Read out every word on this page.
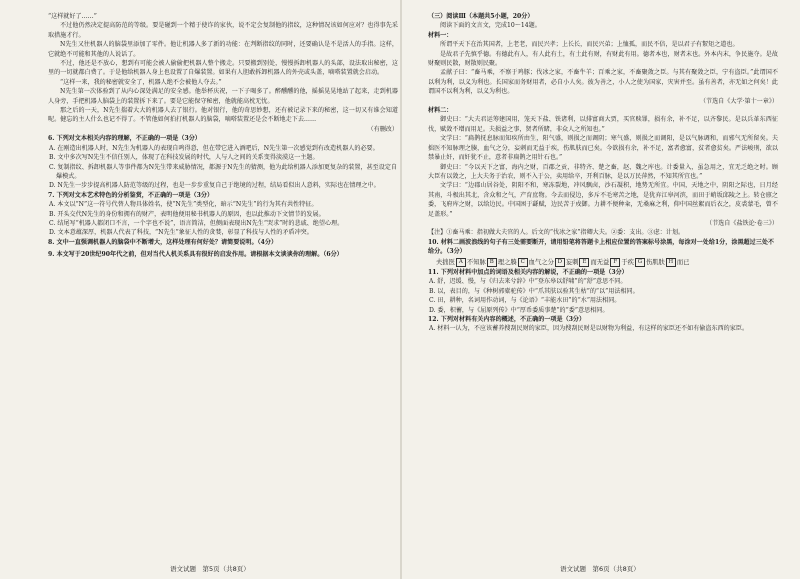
“这样就好了……”

不过他仍然决定提高防范的等级。要是碰到一个精于使诈的家伙，说不定会复制他的指纹，这种情况该如何应对？也得事先采取措施才行。

N先生又往机器人的脑袋里添加了零件。他让机器人多了新的功能：在判断指纹的同时，还要确认是不是活人的手指。这样，它就绝不可能和其他的人说话了。

不过，他还是不放心，想到有可能会被人偷偷把机器人整个搬走。只要搬到别处，慢慢拆卸机器人的头部，设法取出秘密，这里的一切就都白费了。于是他给机器人身上也设置了自爆装置。如果有人胆敢拆卸机器人的外壳或头盖，嘀嗒装置就会启动。

“这样一来，我的秘密就安全了，机器人绝不会被他人夺去。”

N先生第一次体验到了从内心深处满足的安全感。他举杯庆祝，一下子喝多了。醉醺醺的他，摇摇晃晃地站了起来，走到机器人身旁，手把机器人脑袋上的装置拆下来了。要是它能保守秘密，他就能高枕无忧。

那之后的一天，N先生揣着大大的机器人去了银行。他对银行，他的奇思妙想，还有被记录下来的秘密，这一切又有谁会知道呢。健忘的主人什么也记不得了。不管他如何拍打机器人的脑袋，嘀嗒装置还是会不断地走下去……

（有删改）

6. 下列对文本相关内容的理解，不正确的一项是（3分）

A. 在刚造出机器人时，N先生为机器人的表现自鸣得意，但在带它进入酒吧后，N先生第一次感觉到有改造机器人的必要。

B. 文中多次写N先生不信任别人，体现了在科技发展的时代，人与人之间的关系变得淡漠这一主题。

C. 复制指纹、拆卸机器人等事件都为N先生带来威胁情况，都源于N先生的猜测，他为此给机器人添加更复杂的装置，甚至设定自爆模式。

D. N先生一步步提高机器人防范等级的过程，也是一步步重复自己于绝境的过程，结局看似出人意料，实际也在情理之中。

7. 下列对文本艺术特色的分析鉴赏，不正确的一项是（3分）

A. 本文以“N”这一符号代替人物具体姓名，使“N先生”类型化，暗示“N先生”的行为其有共性特征。

B. 开头交代N先生的身份和拥有的财产，表明他便用秘书机器人的原因，也以此推动下文情节的发展。

C. 结尾写“机器人都闭口不言，一个字也不说”，语言简洁，但侧面表现出N先生“哭求”时的悲戚、绝望心理。

D. 文本意蕴深厚，机器人代表了科技，“N先生”象征人性的贪婪，彰显了科技与人性的矛盾冲突。

8. 文中一直强调机器人的脑袋中不断增大，这样处理有何好处？请简要说明。（4分）

9. 本文写于20世纪90年代之前，但对当代人机关系具有很好的启发作用。请根据本文谈谈你的理解。（6分）

（三）阅读Ⅲ（本题共5小题，20分）

阅读下面的文言文，完成10～14题。

材料一：

所谓平天下在治其国者，上老老，而民兴孝；上长长，而民兴弟；上恤孤，而民不倍，是以君子有絜矩之道也。

是故君子先慎乎德。有德此有人，有人此有土，有土此有财，有财此有用。德者本也，财者末也。外本内末，争民施夺。是故财聚则民散，财散则民聚。

孟献子曰：“畜马乘，不察于鸡豚；伐冰之家，不畜牛羊；百乘之家，不畜聚敛之臣。与其有聚敛之臣，宁有盗臣。”此谓国不以利为利，以义为利也。长国家而务财用者，必自小人矣。彼为善之，小人之使为国家，灾害并至。虽有善者，亦无如之何矣！此谓国不以利为利，以义为利也。

（节选自《大学·第十一章》）

材料二：

御史曰：“大夫君运筹建国用，笼天下盐、铁诸利，以排富商大贾，买官赎罪，损有余，补不足，以齐黎民。是以兵革东西征伐，赋敛不增而用足。夫损益之事，贤者所睹，非众人之所知也。”

文学曰：“扁鹊抚息脉而知疾所由生，阳气盛，则损之而调阴；寒气盛，则损之而调阳，是以气脉调和，而邪气无所留矣。夫拙医不知脉理之腠，血气之分，妄刺而无益于疾，伤肌肤而已矣。今欲损有余，补不足，富者愈富，贫者愈贫矣。严法峻刑，欲以禁暴止奸，而奸犹不止，意者非扁鹊之用针石也。”

御史曰：“今以天下之富，海内之财，百郡之贡，非特齐、楚之畜，赵、魏之库也。计委量入，虽急用之，宜无乏绝之时。顾大臣有以敛之，上大夫务于治农，则不入于公，卖用给卒，开利百脉，是以万民萍然，不知其所宜也。”

文学曰：“边郡山居谷处，阴阳不和，寒冻裂地，冲风飘卤，沙石凝积，地势无所宜。中国，天地之中，阴阳之际也，日月经其南，斗极出其北，含众和之气，产育庶物。今去而侵边，多斥不毛寒苦之地，是犹弃江皋河滨，而田于峭坂邱陵之上。转仓廪之委，飞府库之财，以给边民。中国困于繇赋，边民苦于戍御。力耕不便种籴，无桑麻之利，仰中国丝絮而后衣之，皮裘蒙毛，曾不足盖形。”

（节选自《盐铁论·卷三》）

【注】①畜马乘：指初做大夫官的人。后文的“伐冰之家”指卿大夫。②委：支出。③虑：计划。

10. 材料二画波浪线的句子有三处需要断开，请用铅笔将答题卡上相应位置的答案标号涂黑，每涂对一处给1分，涂黑超过三处不给分。（3分）

夫拙医 A 不知脉 B 理之腠 C 血气之分 D 妄刺 E 而无益 F 于疾 G 伤肌肤 H 而已

11. 下列对材料中加点的词语及相关内容的解说，不正确的一项是（3分）

A. 舒，迟缓、慢，与《归去来兮辞》中“登东皋以舒啸”的“舒”意思不同。

B. 以，表目的，与《种树郭橐驼传》中“爪其肤以验其生枯”的“以”用法相同。

C. 田，耕种，名词用作动词，与《论语》“丰能水田”的“水”用法相同。

D. 委，积蓄，与《屈原列传》中“厚币委质事楚”的“委”意思相同。

12. 下列对材料有关内容的概述，不正确的一项是（3分）

A. 材料一认为，不应该蓄养搜刮民财的家臣，因为搜刮民财是以财物为利益，有这样的家臣还不如有偷盗东西的家臣。

语文试题　第5页（共8页）	语文试题　第6页（共8页）
